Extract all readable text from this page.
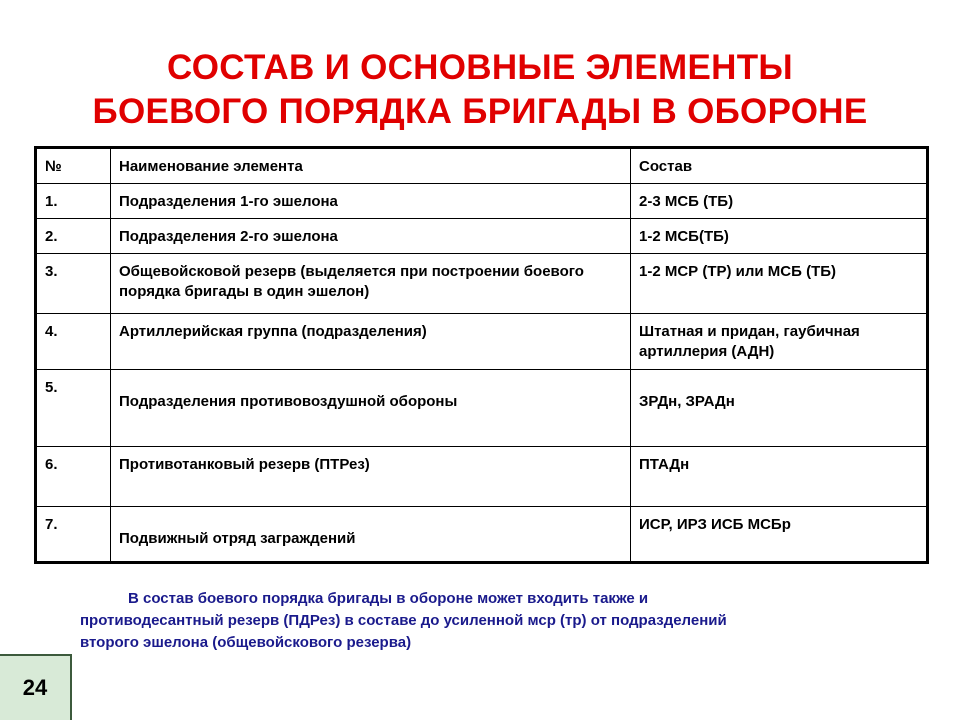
СОСТАВ И ОСНОВНЫЕ ЭЛЕМЕНТЫ
БОЕВОГО ПОРЯДКА БРИГАДЫ В ОБОРОНЕ
№	Наименование элемента	Состав
1.	Подразделения 1-го эшелона	2-3 МСБ (ТБ)
2.	Подразделения 2-го эшелона	1-2 МСБ(ТБ)
3.	Общевойсковой резерв (выделяется при построении боевого порядка бригады в один эшелон)	1-2 МСР (ТР) или МСБ (ТБ)
4.	Артиллерийская группа (подразделения)	Штатная и придан, гаубичная артиллерия (АДН)
5.	Подразделения противовоздушной обороны	ЗРДн, ЗРАДн
6.	Противотанковый резерв (ПТРез)	ПТАДн
7.	Подвижный отряд заграждений	ИСР, ИРЗ ИСБ МСБр
В состав боевого порядка бригады в обороне может входить также и
противодесантный резерв (ПДРез) в составе до усиленной мср (тр) от подразделений
второго эшелона (общевойскового резерва)
24
